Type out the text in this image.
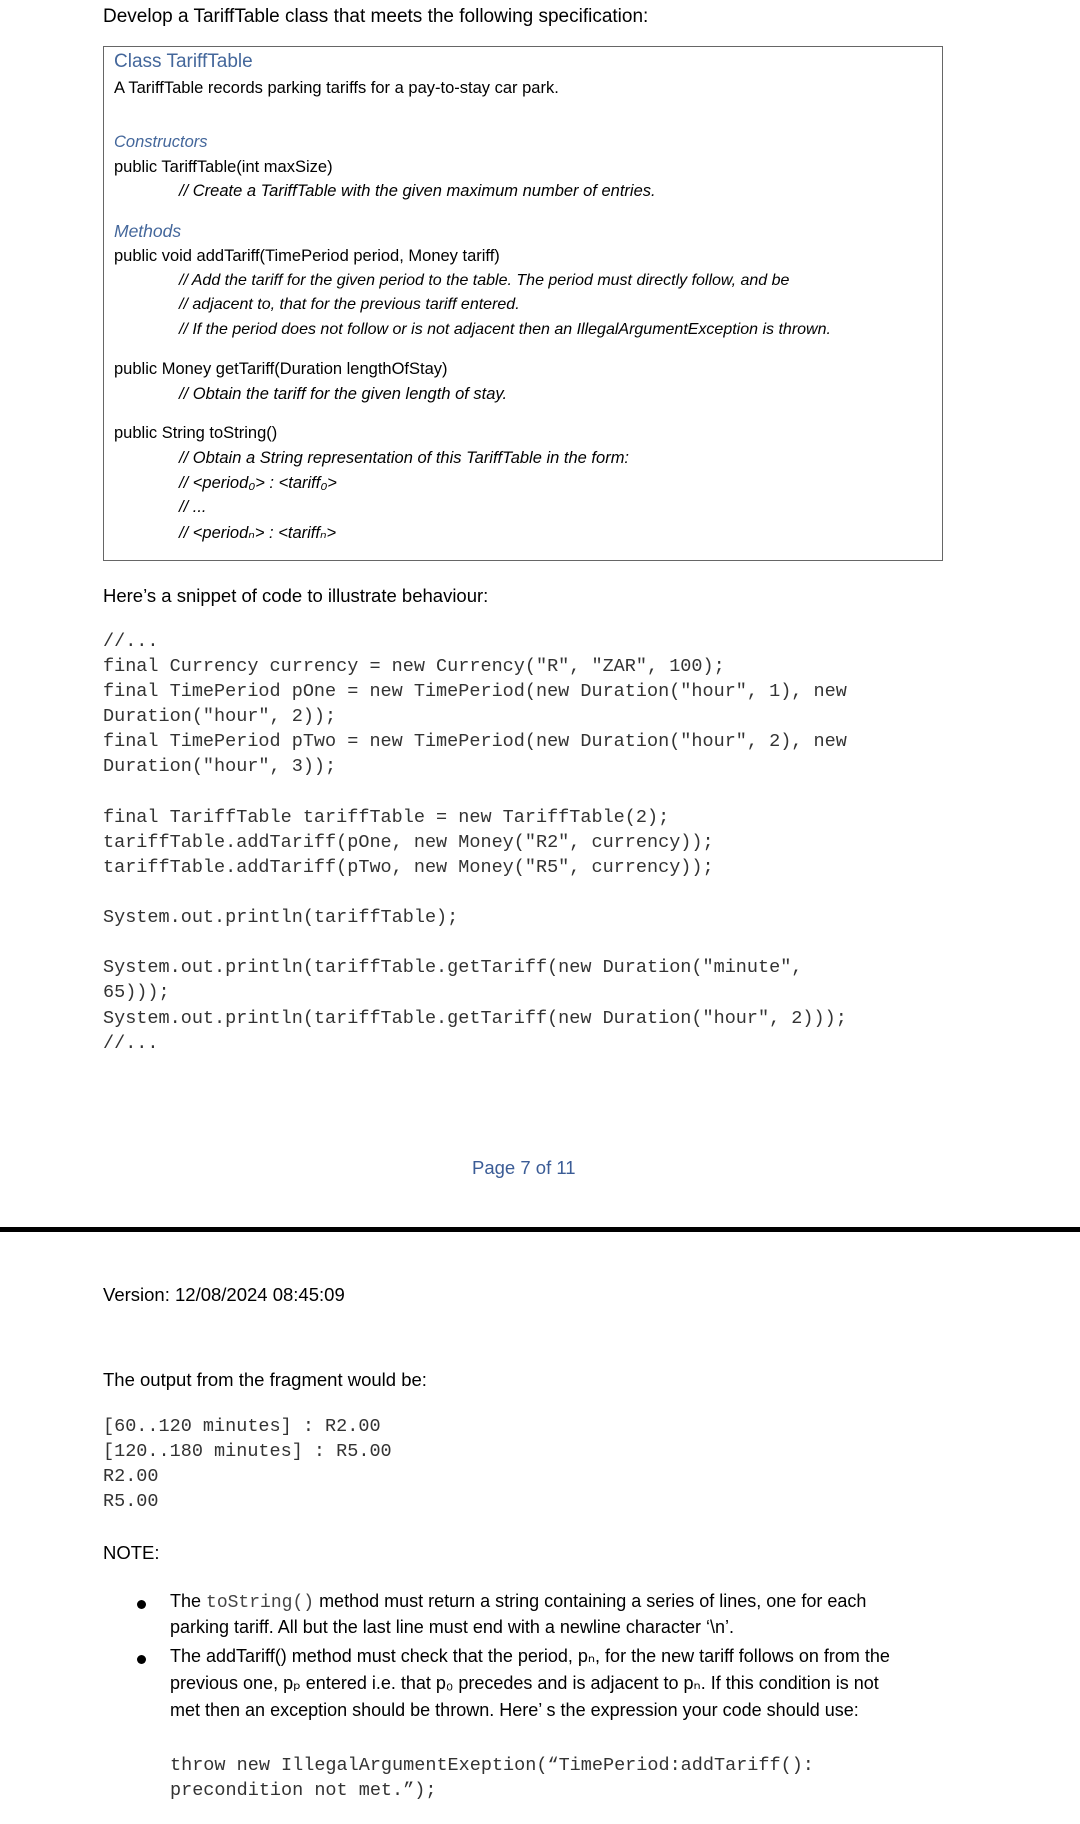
Develop a TariffTable class that meets the following specification:
Class TariffTable
A TariffTable records parking tariffs for a pay-to-stay car park.
Constructors
public TariffTable(int maxSize)
// Create a TariffTable with the given maximum number of entries.
Methods
public void addTariff(TimePeriod period, Money tariff)
// Add the tariff for the given period to the table. The period must directly follow, and be
// adjacent to, that for the previous tariff entered.
// If the period does not follow or is not adjacent then an IllegalArgumentException is thrown.
public Money getTariff(Duration lengthOfStay)
// Obtain the tariff for the given length of stay.
public String toString()
// Obtain a String representation of this TariffTable in the form:
// <period₀> : <tariff₀>
// ...
// <periodₙ> : <tariffₙ>
Here’s a snippet of code to illustrate behaviour:
//...
final Currency currency = new Currency("R", "ZAR", 100);
final TimePeriod pOne = new TimePeriod(new Duration("hour", 1), new
Duration("hour", 2));
final TimePeriod pTwo = new TimePeriod(new Duration("hour", 2), new
Duration("hour", 3));
final TariffTable tariffTable = new TariffTable(2);
tariffTable.addTariff(pOne, new Money("R2", currency));
tariffTable.addTariff(pTwo, new Money("R5", currency));
System.out.println(tariffTable);
System.out.println(tariffTable.getTariff(new Duration("minute",
65)));
System.out.println(tariffTable.getTariff(new Duration("hour", 2)));
//...
Page 7 of 11
Version: 12/08/2024 08:45:09
The output from the fragment would be:
[60..120 minutes] : R2.00
[120..180 minutes] : R5.00
R2.00
R5.00
NOTE:
The toString() method must return a string containing a series of lines, one for each
parking tariff. All but the last line must end with a newline character ‘\n’.
The addTariff() method must check that the period, pₙ, for the new tariff follows on from the
previous one, pₚ entered i.e. that p₀ precedes and is adjacent to pₙ. If this condition is not
met then an exception should be thrown. Here’ s the expression your code should use:
throw new IllegalArgumentExeption(“TimePeriod:addTariff():
precondition not met.”);
